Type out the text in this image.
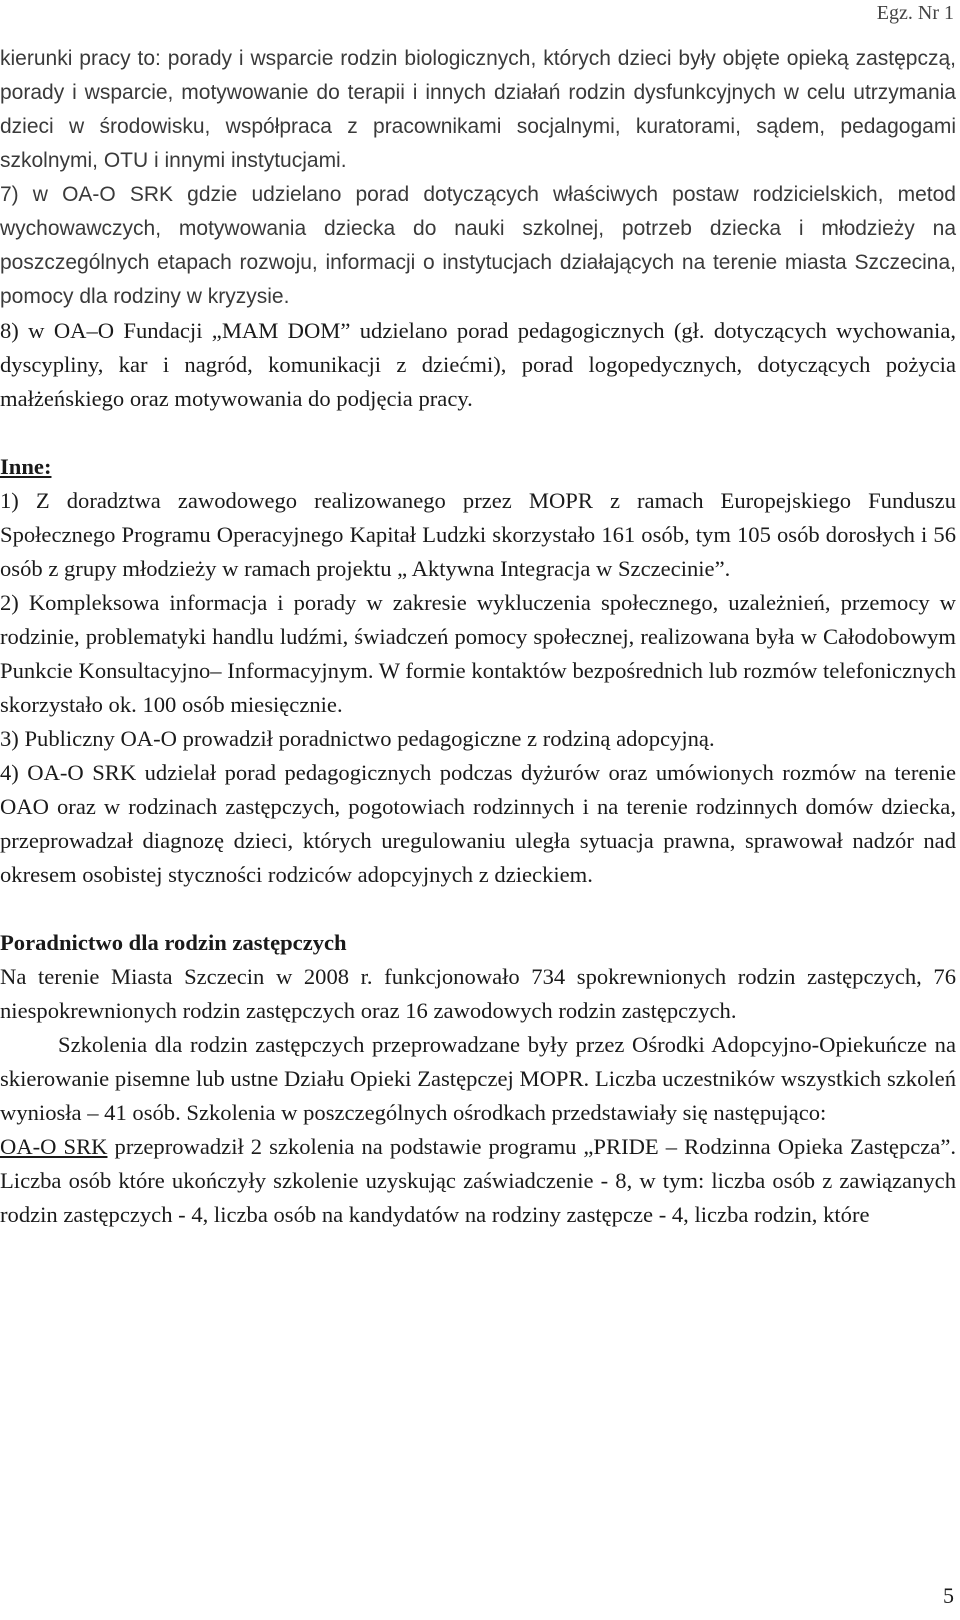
Egz. Nr 1

kierunki pracy to: porady i wsparcie rodzin biologicznych, których dzieci były objęte opieką zastępczą, porady i wsparcie, motywowanie do terapii i innych działań rodzin dysfunkcyjnych w celu utrzymania dzieci w środowisku, współpraca z pracownikami socjalnymi, kuratorami, sądem, pedagogami szkolnymi, OTU i innymi instytucjami.

7) w OA-O SRK gdzie udzielano porad dotyczących właściwych postaw rodzicielskich, metod wychowawczych, motywowania dziecka do nauki szkolnej, potrzeb dziecka i młodzieży na poszczególnych etapach rozwoju, informacji o instytucjach działających na terenie miasta Szczecina, pomocy dla rodziny w kryzysie.

8) w OA–O Fundacji „MAM DOM” udzielano porad pedagogicznych (gł. dotyczących wychowania, dyscypliny, kar i nagród, komunikacji z dziećmi), porad logopedycznych, dotyczących pożycia małżeńskiego oraz motywowania do podjęcia pracy.

Inne:

1) Z doradztwa zawodowego realizowanego przez MOPR z ramach Europejskiego Funduszu Społecznego Programu Operacyjnego Kapitał Ludzki skorzystało 161 osób, tym 105 osób dorosłych i 56 osób z grupy młodzieży w ramach projektu „ Aktywna Integracja w Szczecinie”.

2) Kompleksowa informacja i porady w zakresie wykluczenia społecznego, uzależnień, przemocy w rodzinie, problematyki handlu ludźmi, świadczeń pomocy społecznej, realizowana była w Całodobowym Punkcie Konsultacyjno– Informacyjnym. W formie kontaktów bezpośrednich lub rozmów telefonicznych skorzystało ok. 100 osób miesięcznie.

3) Publiczny OA-O prowadził poradnictwo pedagogiczne z rodziną adopcyjną.

4) OA-O SRK udzielał porad pedagogicznych podczas dyżurów oraz umówionych rozmów na terenie OAO oraz w rodzinach zastępczych, pogotowiach rodzinnych i na terenie rodzinnych domów dziecka, przeprowadzał diagnozę dzieci, których uregulowaniu uległa sytuacja prawna, sprawował nadzór nad okresem osobistej styczności rodziców adopcyjnych z dzieckiem.

Poradnictwo dla rodzin zastępczych

Na terenie Miasta Szczecin w 2008 r. funkcjonowało 734 spokrewnionych rodzin zastępczych, 76 niespokrewnionych rodzin zastępczych oraz 16 zawodowych rodzin zastępczych.

Szkolenia dla rodzin zastępczych przeprowadzane były przez Ośrodki Adopcyjno-Opiekuńcze na skierowanie pisemne lub ustne Działu Opieki Zastępczej MOPR. Liczba uczestników wszystkich szkoleń wyniosła – 41 osób. Szkolenia w poszczególnych ośrodkach przedstawiały się następująco:

OA-O SRK przeprowadził 2 szkolenia na podstawie programu „PRIDE – Rodzinna Opieka Zastępcza”. Liczba osób które ukończyły szkolenie uzyskując zaświadczenie - 8, w tym: liczba osób z zawiązanych rodzin zastępczych - 4, liczba osób na kandydatów na rodziny zastępcze - 4, liczba rodzin, które

5
